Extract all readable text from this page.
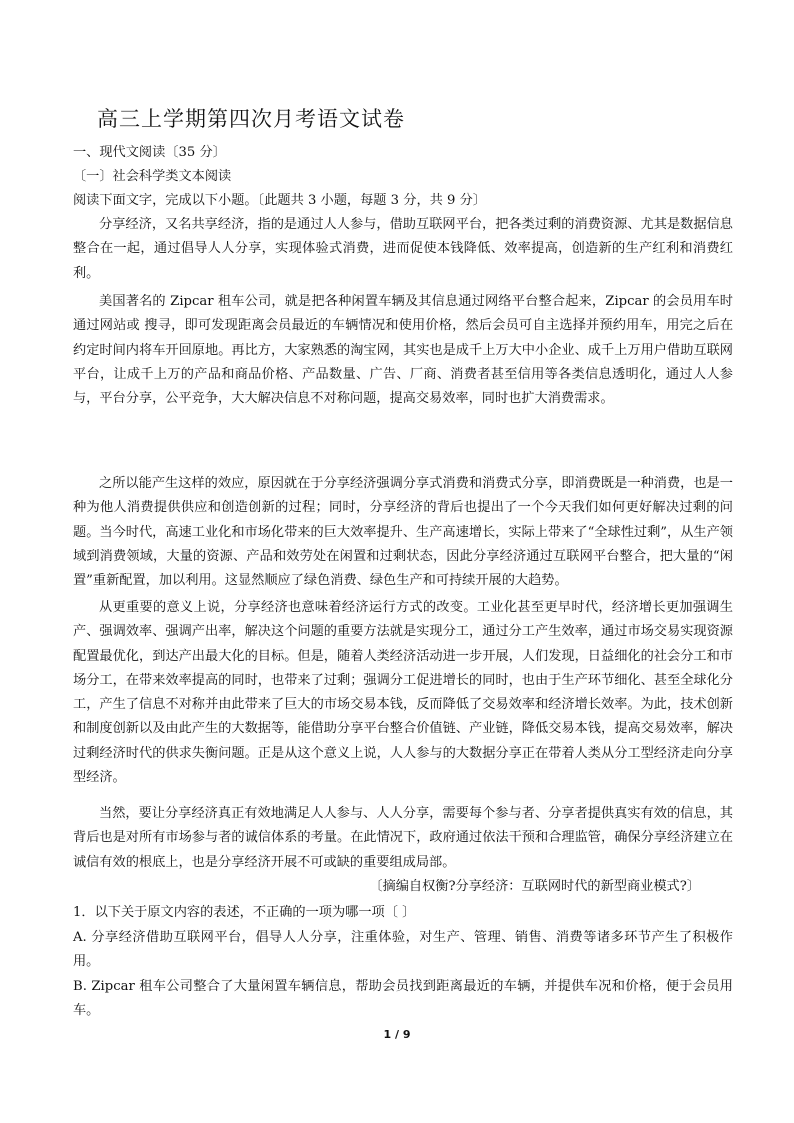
高三上学期第四次月考语文试卷
一、现代文阅读〔35 分〕
〔一〕社会科学类文本阅读
阅读下面文字，完成以下小题。〔此题共 3 小题，每题 3 分，共 9 分〕
分享经济，又名共享经济，指的是通过人人参与，借助互联网平台，把各类过剩的消费资源、尤其是数据信息整合在一起，通过倡导人人分享，实现体验式消费，进而促使本钱降低、效率提高，创造新的生产红利和消费红利。
美国著名的 Zipcar 租车公司，就是把各种闲置车辆及其信息通过网络平台整合起来，Zipcar 的会员用车时通过网站或 搜寻，即可发现距离会员最近的车辆情况和使用价格，然后会员可自主选择并预约用车，用完之后在约定时间内将车开回原地。再比方，大家熟悉的淘宝网，其实也是成千上万大中小企业、成千上万用户借助互联网平台，让成千上万的产品和商品价格、产品数量、广告、厂商、消费者甚至信用等各类信息透明化，通过人人参与，平台分享，公平竞争，大大解决信息不对称问题，提高交易效率，同时也扩大消费需求。
之所以能产生这样的效应，原因就在于分享经济强调分享式消费和消费式分享，即消费既是一种消费，也是一种为他人消费提供供应和创造创新的过程；同时，分享经济的背后也提出了一个今天我们如何更好解决过剩的问题。当今时代，高速工业化和市场化带来的巨大效率提升、生产高速增长，实际上带来了“全球性过剩”，从生产领域到消费领域，大量的资源、产品和效劳处在闲置和过剩状态，因此分享经济通过互联网平台整合，把大量的“闲置”重新配置，加以利用。这显然顺应了绿色消费、绿色生产和可持续开展的大趋势。
从更重要的意义上说，分享经济也意味着经济运行方式的改变。工业化甚至更早时代，经济增长更加强调生产、强调效率、强调产出率，解决这个问题的重要方法就是实现分工，通过分工产生效率，通过市场交易实现资源配置最优化，到达产出最大化的目标。但是，随着人类经济活动进一步开展，人们发现，日益细化的社会分工和市场分工，在带来效率提高的同时，也带来了过剩；强调分工促进增长的同时，也由于生产环节细化、甚至全球化分工，产生了信息不对称并由此带来了巨大的市场交易本钱，反而降低了交易效率和经济增长效率。为此，技术创新和制度创新以及由此产生的大数据等，能借助分享平台整合价值链、产业链，降低交易本钱，提高交易效率，解决过剩经济时代的供求失衡问题。正是从这个意义上说，人人参与的大数据分享正在带着人类从分工型经济走向分享型经济。
当然，要让分享经济真正有效地满足人人参与、人人分享，需要每个参与者、分享者提供真实有效的信息，其背后也是对所有市场参与者的诚信体系的考量。在此情况下，政府通过依法干预和合理监管，确保分享经济建立在诚信有效的根底上，也是分享经济开展不可或缺的重要组成局部。
〔摘编自权衡?分享经济：互联网时代的新型商业模式?〕
1．以下关于原文内容的表述，不正确的一项为哪一项〔 〕
A. 分享经济借助互联网平台，倡导人人分享，注重体验，对生产、管理、销售、消费等诸多环节产生了积极作用。
B. Zipcar 租车公司整合了大量闲置车辆信息，帮助会员找到距离最近的车辆，并提供车况和价格，便于会员用车。
1 / 9
